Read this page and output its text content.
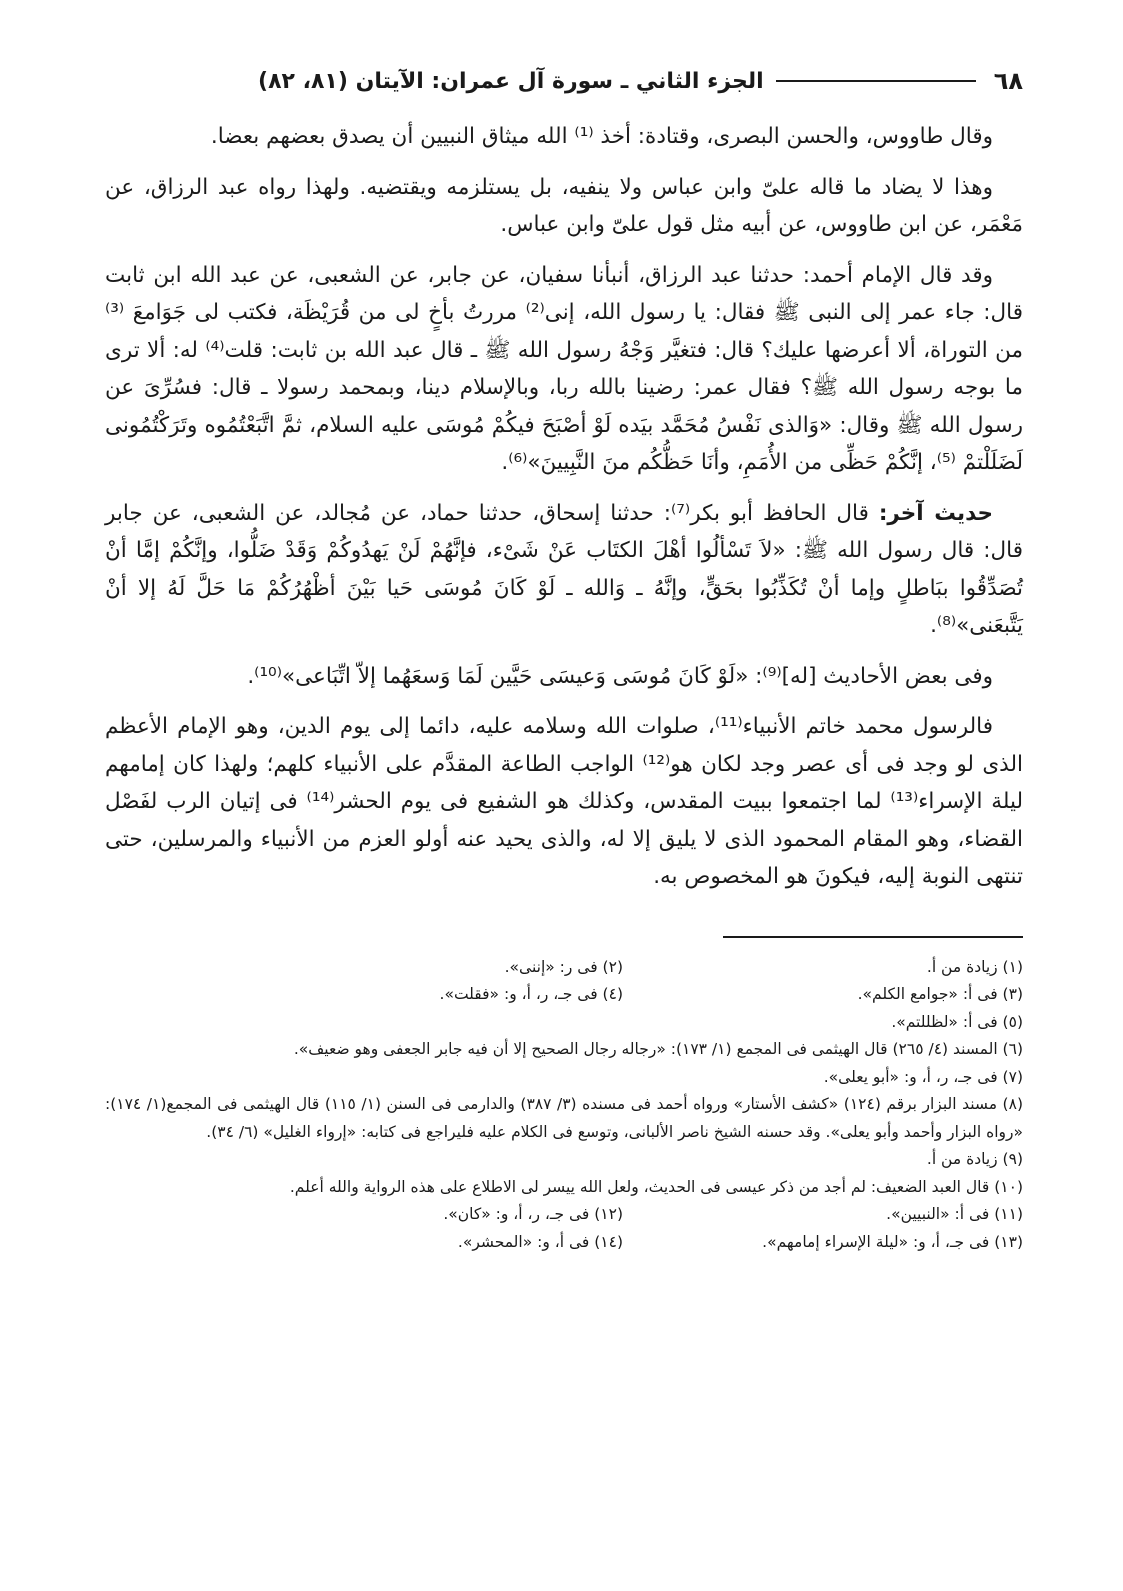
٦٨
الجزء الثاني ـ سورة آل عمران: الآيتان (٨١، ٨٢)

وقال طاووس، والحسن البصرى، وقتادة: أخذ ⁽¹⁾ الله ميثاق النبيين أن يصدق بعضهم بعضا.

وهذا لا يضاد ما قاله علىّ وابن عباس ولا ينفيه، بل يستلزمه ويقتضيه. ولهذا رواه عبد الرزاق، عن مَعْمَر، عن ابن طاووس، عن أبيه مثل قول علىّ وابن عباس.

وقد قال الإمام أحمد: حدثنا عبد الرزاق، أنبأنا سفيان، عن جابر، عن الشعبى، عن عبد الله ابن ثابت قال: جاء عمر إلى النبى ﷺ فقال: يا رسول الله، إنى⁽²⁾ مررتُ بأخٍ لى من قُرَيْظَة، فكتب لى جَوَامعَ ⁽³⁾ من التوراة، ألا أعرضها عليك؟ قال: فتغيَّر وَجْهُ رسول الله ﷺ ـ قال عبد الله بن ثابت: قلت⁽⁴⁾ له: ألا ترى ما بوجه رسول الله ﷺ؟ فقال عمر: رضينا بالله ربا، وبالإسلام دينا، وبمحمد رسولا ـ قال: فسُرِّىَ عن رسول الله ﷺ وقال: «وَالذى نَفْسُ مُحَمَّد بيَده لَوْ أصْبَحَ فيكُمْ مُوسَى عليه السلام، ثمَّ اتَّبَعْتُمُوه وتَرَكْتُمُونى لَضَلَلْتمْ ⁽⁵⁾، إنَّكُمْ حَظِّى من الأُمَمِ، وأنَا حَظُّكُم منَ النَّبِيينَ»⁽⁶⁾.

حديث آخر: قال الحافظ أبو بكر⁽⁷⁾: حدثنا إسحاق، حدثنا حماد، عن مُجالد، عن الشعبى، عن جابر قال: قال رسول الله ﷺ: «لاَ تَسْألُوا أهْلَ الكتَاب عَنْ شَىْء، فإنَّهُمْ لَنْ يَهدُوكُمْ وَقَدْ ضَلُّوا، وإنَّكُمْ إمَّا أنْ تُصَدِّقُوا ببَاطلٍ وإما أنْ تُكَذِّبُوا بحَقٍّ، وإنَّهُ ـ وَالله ـ لَوْ كَانَ مُوسَى حَيا بَيْنَ أظْهُرُكُمْ مَا حَلَّ لَهُ إلا أنْ يَتَّبعَنى»⁽⁸⁾.

وفى بعض الأحاديث [له]⁽⁹⁾: «لَوْ كَانَ مُوسَى وَعيسَى حَيَّين لَمَا وَسعَهُما إلاّ اتِّبَاعى»⁽¹⁰⁾.

فالرسول محمد خاتم الأنبياء⁽¹¹⁾، صلوات الله وسلامه عليه، دائما إلى يوم الدين، وهو الإمام الأعظم الذى لو وجد فى أى عصر وجد لكان هو⁽¹²⁾ الواجب الطاعة المقدَّم على الأنبياء كلهم؛ ولهذا كان إمامهم ليلة الإسراء⁽¹³⁾ لما اجتمعوا ببيت المقدس، وكذلك هو الشفيع فى يوم الحشر⁽¹⁴⁾ فى إتيان الرب لفَصْل القضاء، وهو المقام المحمود الذى لا يليق إلا له، والذى يحيد عنه أولو العزم من الأنبياء والمرسلين، حتى تنتهى النوبة إليه، فيكونَ هو المخصوص به.

(١) زيادة من أ.
(٢) فى ر: «إننى».
(٣) فى أ: «جوامع الكلم».
(٤) فى جـ، ر، أ، و: «فقلت».
(٥) فى أ: «لظللتم».
(٦) المسند (٤/ ٢٦٥) قال الهيثمى فى المجمع (١/ ١٧٣): «رجاله رجال الصحيح إلا أن فيه جابر الجعفى وهو ضعيف».
(٧) فى جـ، ر، أ، و: «أبو يعلى».
(٨) مسند البزار برقم (١٢٤) «كشف الأستار» ورواه أحمد فى مسنده (٣/ ٣٨٧) والدارمى فى السنن (١/ ١١٥) قال الهيثمى فى المجمع(١/ ١٧٤): «رواه البزار وأحمد وأبو يعلى». وقد حسنه الشيخ ناصر الألبانى، وتوسع فى الكلام عليه فليراجع فى كتابه: «إرواء الغليل» (٦/ ٣٤).
(٩) زيادة من أ.
(١٠) قال العبد الضعيف: لم أجد من ذكر عيسى فى الحديث، ولعل الله ييسر لى الاطلاع على هذه الرواية والله أعلم.
(١١) فى أ: «النبيين».
(١٢) فى جـ، ر، أ، و: «كان».
(١٣) فى جـ، أ، و: «ليلة الإسراء إمامهم».
(١٤) فى أ، و: «المحشر».
